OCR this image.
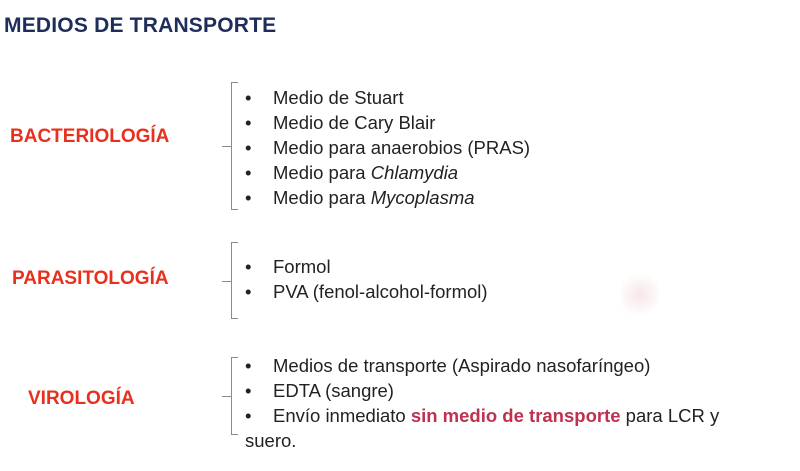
MEDIOS DE TRANSPORTE
BACTERIOLOGÍA
• Medio de Stuart
• Medio de Cary Blair
• Medio para anaerobios (PRAS)
• Medio para Chlamydia
• Medio para Mycoplasma
PARASITOLOGÍA
• Formol
• PVA (fenol-alcohol-formol)
VIROLOGÍA
• Medios de transporte (Aspirado nasofaríngeo)
• EDTA (sangre)
• Envío inmediato sin medio de transporte para LCR y
suero.
